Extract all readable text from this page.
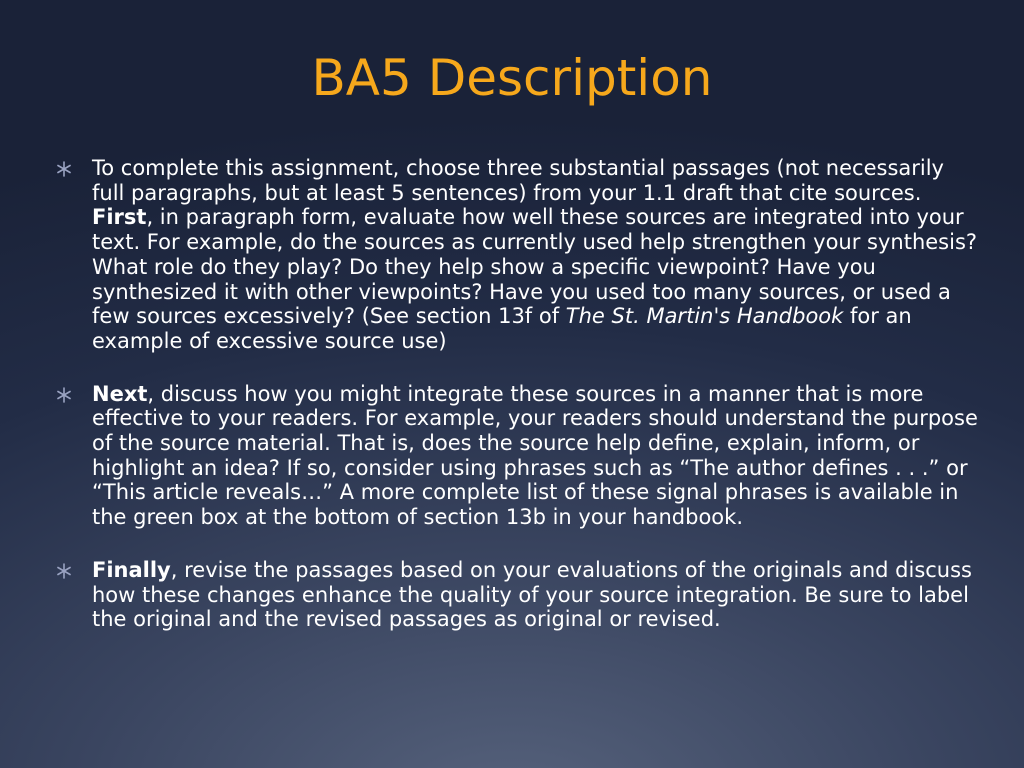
BA5 Description
To complete this assignment, choose three substantial passages (not necessarily full paragraphs, but at least 5 sentences) from your 1.1 draft that cite sources. First, in paragraph form, evaluate how well these sources are integrated into your text. For example, do the sources as currently used help strengthen your synthesis? What role do they play? Do they help show a specific viewpoint? Have you synthesized it with other viewpoints? Have you used too many sources, or used a few sources excessively? (See section 13f of The St. Martin's Handbook for an example of excessive source use)
Next, discuss how you might integrate these sources in a manner that is more effective to your readers. For example, your readers should understand the purpose of the source material. That is, does the source help define, explain, inform, or highlight an idea? If so, consider using phrases such as “The author defines . . .” or “This article reveals…” A more complete list of these signal phrases is available in the green box at the bottom of section 13b in your handbook.
Finally, revise the passages based on your evaluations of the originals and discuss how these changes enhance the quality of your source integration. Be sure to label the original and the revised passages as original or revised.
